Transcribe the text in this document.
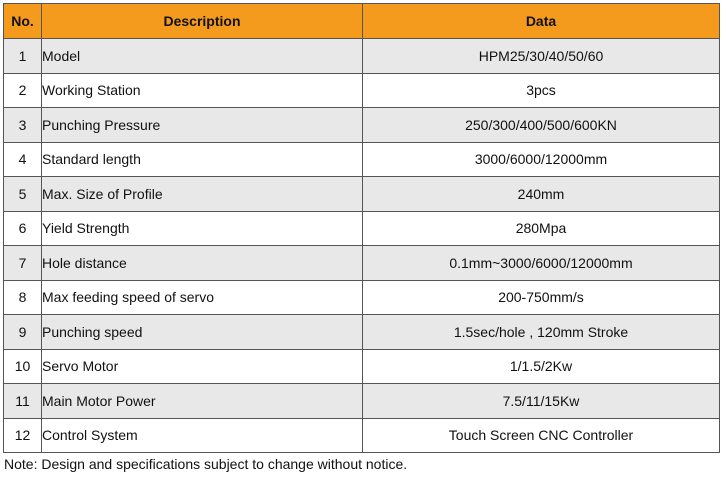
No.	Description	Data
1	Model	HPM25/30/40/50/60
2	Working Station	3pcs
3	Punching Pressure	250/300/400/500/600KN
4	Standard length	3000/6000/12000mm
5	Max. Size of Profile	240mm
6	Yield Strength	280Mpa
7	Hole distance	0.1mm~3000/6000/12000mm
8	Max feeding speed of servo	200-750mm/s
9	Punching speed	1.5sec/hole , 120mm Stroke
10	Servo Motor	1/1.5/2Kw
11	Main Motor Power	7.5/11/15Kw
12	Control System	Touch Screen CNC Controller
Note: Design and specifications subject to change without notice.
